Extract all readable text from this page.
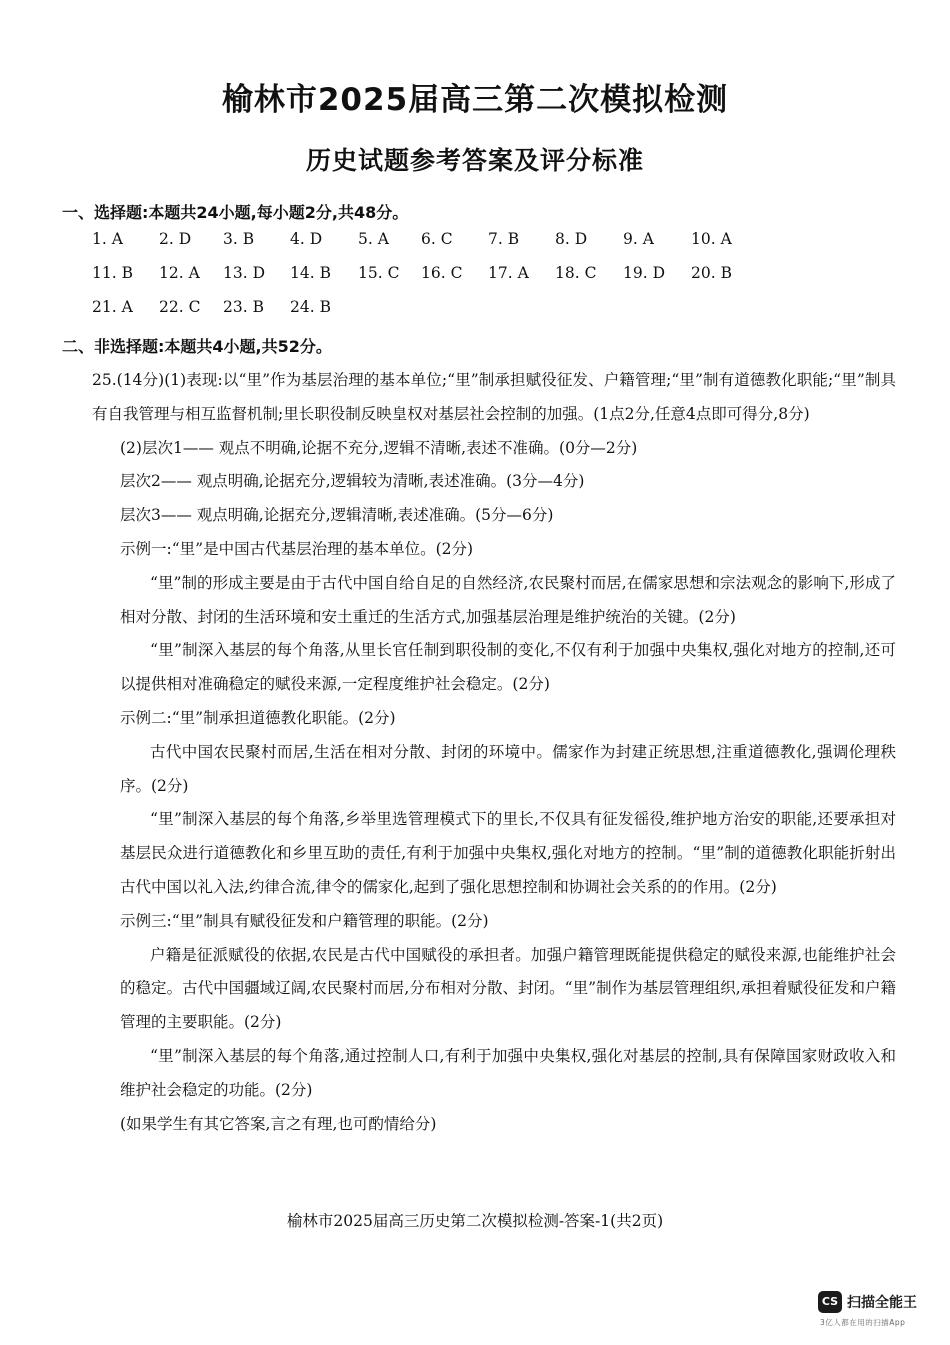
榆林市2025届高三第二次模拟检测
历史试题参考答案及评分标准
一、选择题:本题共24小题,每小题2分,共48分。
1. A 2. D 3. B 4. D 5. A 6. C 7. B 8. D 9. A 10. A
11. B 12. A 13. D 14. B 15. C 16. C 17. A 18. C 19. D 20. B
21. A 22. C 23. B 24. B
二、非选择题:本题共4小题,共52分。

25.(14分)(1)表现:以“里”作为基层治理的基本单位;“里”制承担赋役征发、户籍管理;“里”制有道德教化职能;“里”制具有自我管理与相互监督机制;里长职役制反映皇权对基层社会控制的加强。(1点2分,任意4点即可得分,8分)

(2)层次1—— 观点不明确,论据不充分,逻辑不清晰,表述不准确。(0分—2分)

层次2—— 观点明确,论据充分,逻辑较为清晰,表述准确。(3分—4分)

层次3—— 观点明确,论据充分,逻辑清晰,表述准确。(5分—6分)

示例一:“里”是中国古代基层治理的基本单位。(2分)

“里”制的形成主要是由于古代中国自给自足的自然经济,农民聚村而居,在儒家思想和宗法观念的影响下,形成了相对分散、封闭的生活环境和安土重迁的生活方式,加强基层治理是维护统治的关键。(2分)

“里”制深入基层的每个角落,从里长官任制到职役制的变化,不仅有利于加强中央集权,强化对地方的控制,还可以提供相对准确稳定的赋役来源,一定程度维护社会稳定。(2分)

示例二:“里”制承担道德教化职能。(2分)

古代中国农民聚村而居,生活在相对分散、封闭的环境中。儒家作为封建正统思想,注重道德教化,强调伦理秩序。(2分)

“里”制深入基层的每个角落,乡举里选管理模式下的里长,不仅具有征发徭役,维护地方治安的职能,还要承担对基层民众进行道德教化和乡里互助的责任,有利于加强中央集权,强化对地方的控制。“里”制的道德教化职能折射出古代中国以礼入法,约律合流,律令的儒家化,起到了强化思想控制和协调社会关系的的作用。(2分)

示例三:“里”制具有赋役征发和户籍管理的职能。(2分)

户籍是征派赋役的依据,农民是古代中国赋役的承担者。加强户籍管理既能提供稳定的赋役来源,也能维护社会的稳定。古代中国疆域辽阔,农民聚村而居,分布相对分散、封闭。“里”制作为基层管理组织,承担着赋役征发和户籍管理的主要职能。(2分)

“里”制深入基层的每个角落,通过控制人口,有利于加强中央集权,强化对基层的控制,具有保障国家财政收入和维护社会稳定的功能。(2分)

(如果学生有其它答案,言之有理,也可酌情给分)

榆林市2025届高三历史第二次模拟检测-答案-1(共2页)
CS 扫描全能王
3亿人都在用的扫描App
